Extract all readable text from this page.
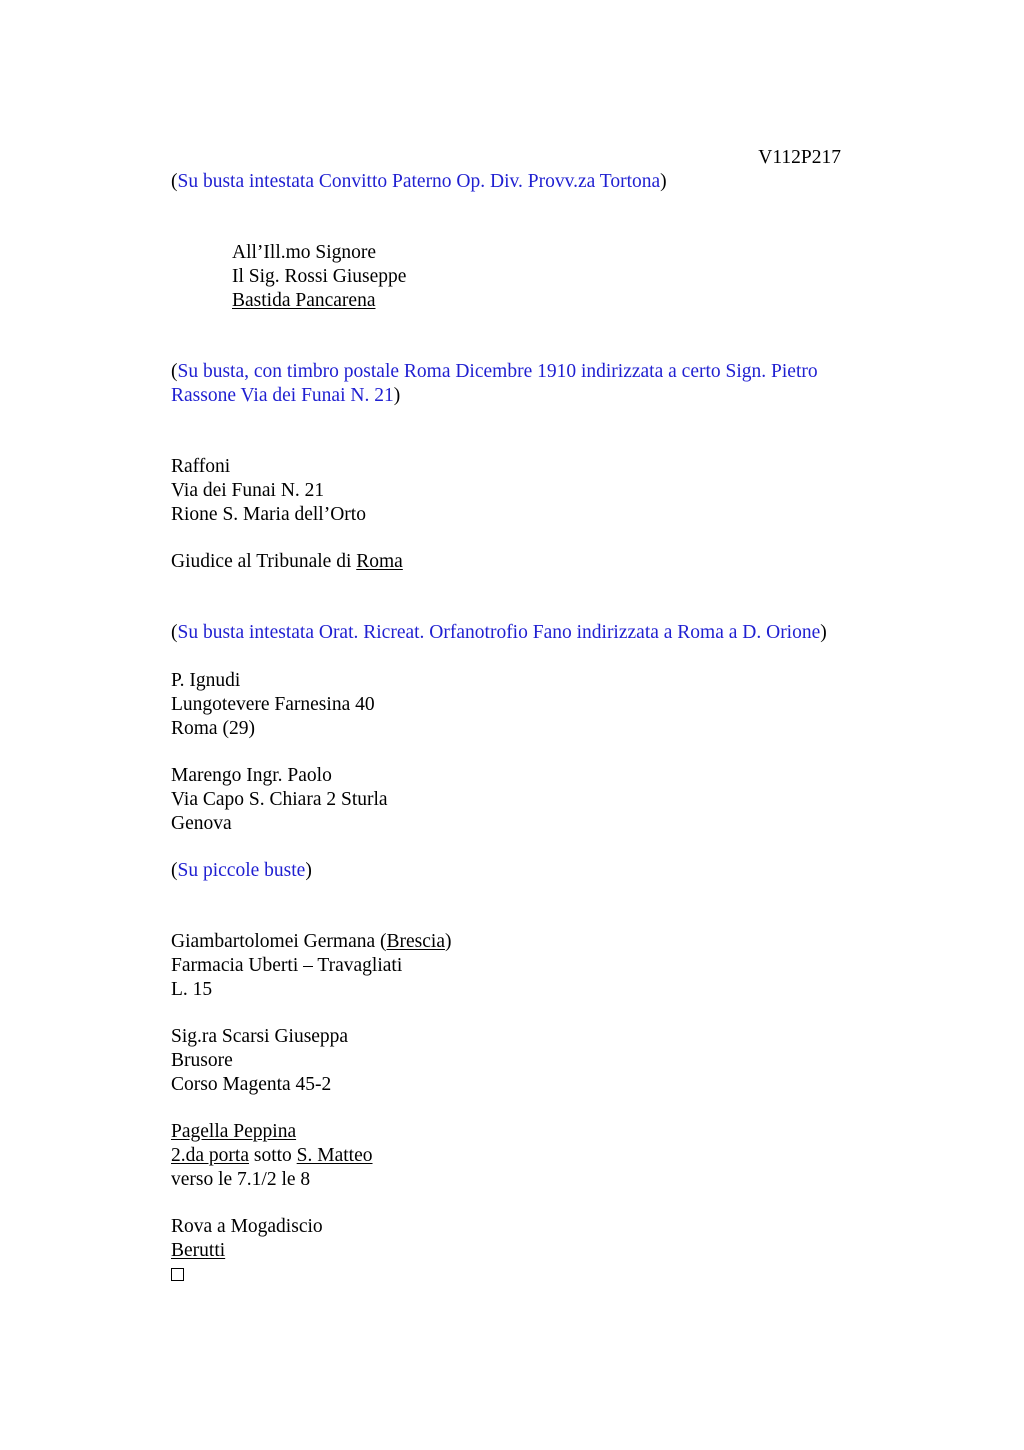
V112P217

(Su busta intestata Convitto Paterno Op. Div. Provv.za Tortona)

All’Ill.mo Signore

Il Sig. Rossi Giuseppe

Bastida Pancarena

(Su busta, con timbro postale Roma Dicembre 1910 indirizzata a certo Sign. Pietro

Rassone Via dei Funai N. 21)

Raffoni

Via dei Funai N. 21

Rione S. Maria dell’Orto

Giudice al Tribunale di Roma

(Su busta intestata Orat. Ricreat. Orfanotrofio Fano indirizzata a Roma a D. Orione)

P. Ignudi

Lungotevere Farnesina 40

Roma (29)

Marengo Ingr. Paolo

Via Capo S. Chiara 2 Sturla

Genova

(Su piccole buste)

Giambartolomei Germana (Brescia)

Farmacia Uberti – Travagliati

L. 15

Sig.ra Scarsi Giuseppa

Brusore

Corso Magenta 45-2

Pagella Peppina

2.da porta sotto S. Matteo

verso le 7.1/2 le 8

Rova a Mogadiscio

Berutti
